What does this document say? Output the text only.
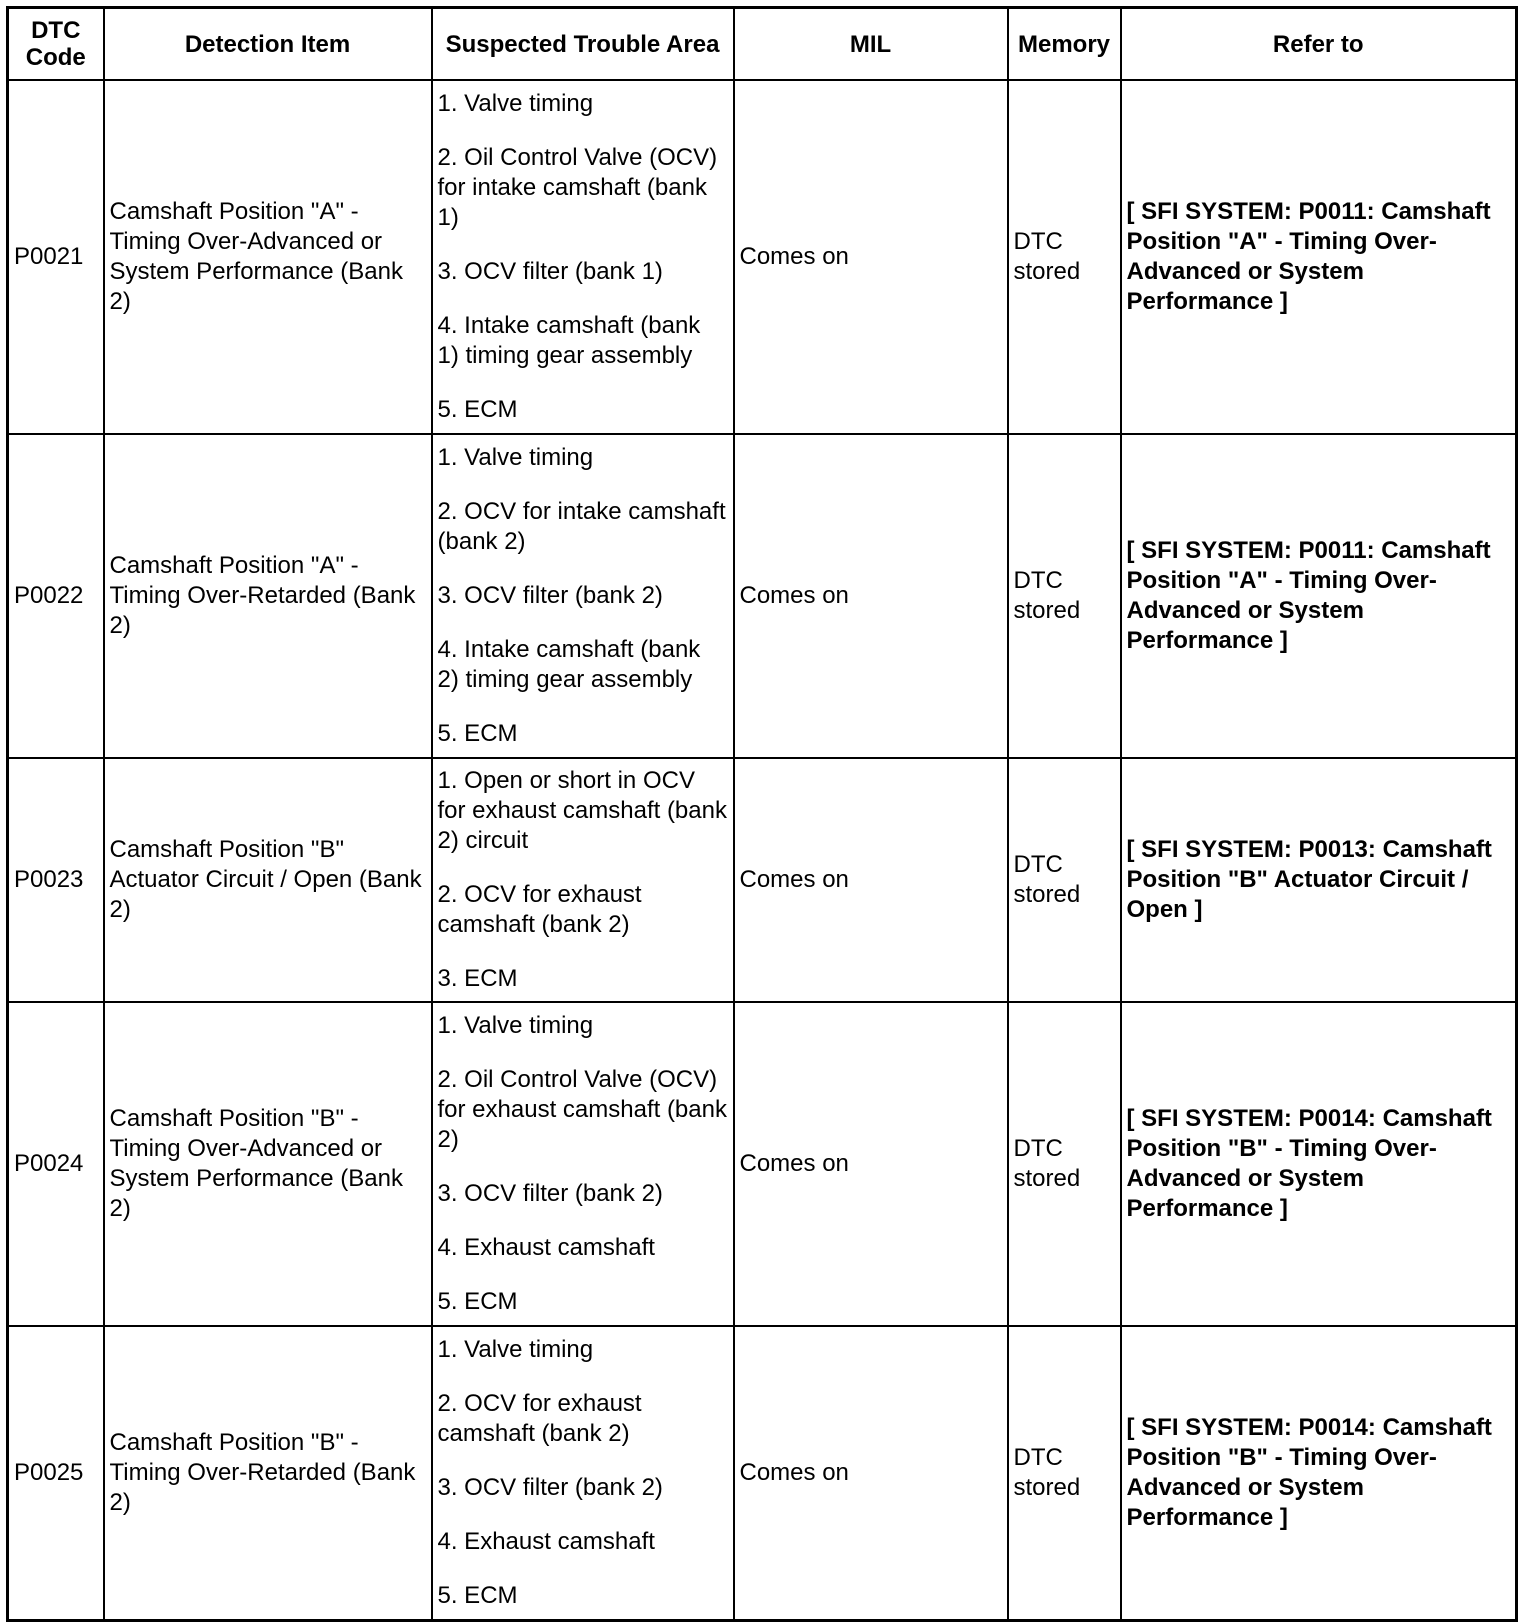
DTC Code	Detection Item	Suspected Trouble Area	MIL	Memory	Refer to
P0021	Camshaft Position "A" - Timing Over-Advanced or System Performance (Bank 2)	1. Valve timing
2. Oil Control Valve (OCV) for intake camshaft (bank 1)
3. OCV filter (bank 1)
4. Intake camshaft (bank 1) timing gear assembly
5. ECM	Comes on	DTC stored	[ SFI SYSTEM: P0011: Camshaft Position "A" - Timing Over-Advanced or System Performance ]
P0022	Camshaft Position "A" - Timing Over-Retarded (Bank 2)	1. Valve timing
2. OCV for intake camshaft (bank 2)
3. OCV filter (bank 2)
4. Intake camshaft (bank 2) timing gear assembly
5. ECM	Comes on	DTC stored	[ SFI SYSTEM: P0011: Camshaft Position "A" - Timing Over-Advanced or System Performance ]
P0023	Camshaft Position "B" Actuator Circuit / Open (Bank 2)	1. Open or short in OCV for exhaust camshaft (bank 2) circuit
2. OCV for exhaust camshaft (bank 2)
3. ECM	Comes on	DTC stored	[ SFI SYSTEM: P0013: Camshaft Position "B" Actuator Circuit / Open ]
P0024	Camshaft Position "B" - Timing Over-Advanced or System Performance (Bank 2)	1. Valve timing
2. Oil Control Valve (OCV) for exhaust camshaft (bank 2)
3. OCV filter (bank 2)
4. Exhaust camshaft
5. ECM	Comes on	DTC stored	[ SFI SYSTEM: P0014: Camshaft Position "B" - Timing Over-Advanced or System Performance ]
P0025	Camshaft Position "B" - Timing Over-Retarded (Bank 2)	1. Valve timing
2. OCV for exhaust camshaft (bank 2)
3. OCV filter (bank 2)
4. Exhaust camshaft
5. ECM	Comes on	DTC stored	[ SFI SYSTEM: P0014: Camshaft Position "B" - Timing Over-Advanced or System Performance ]
